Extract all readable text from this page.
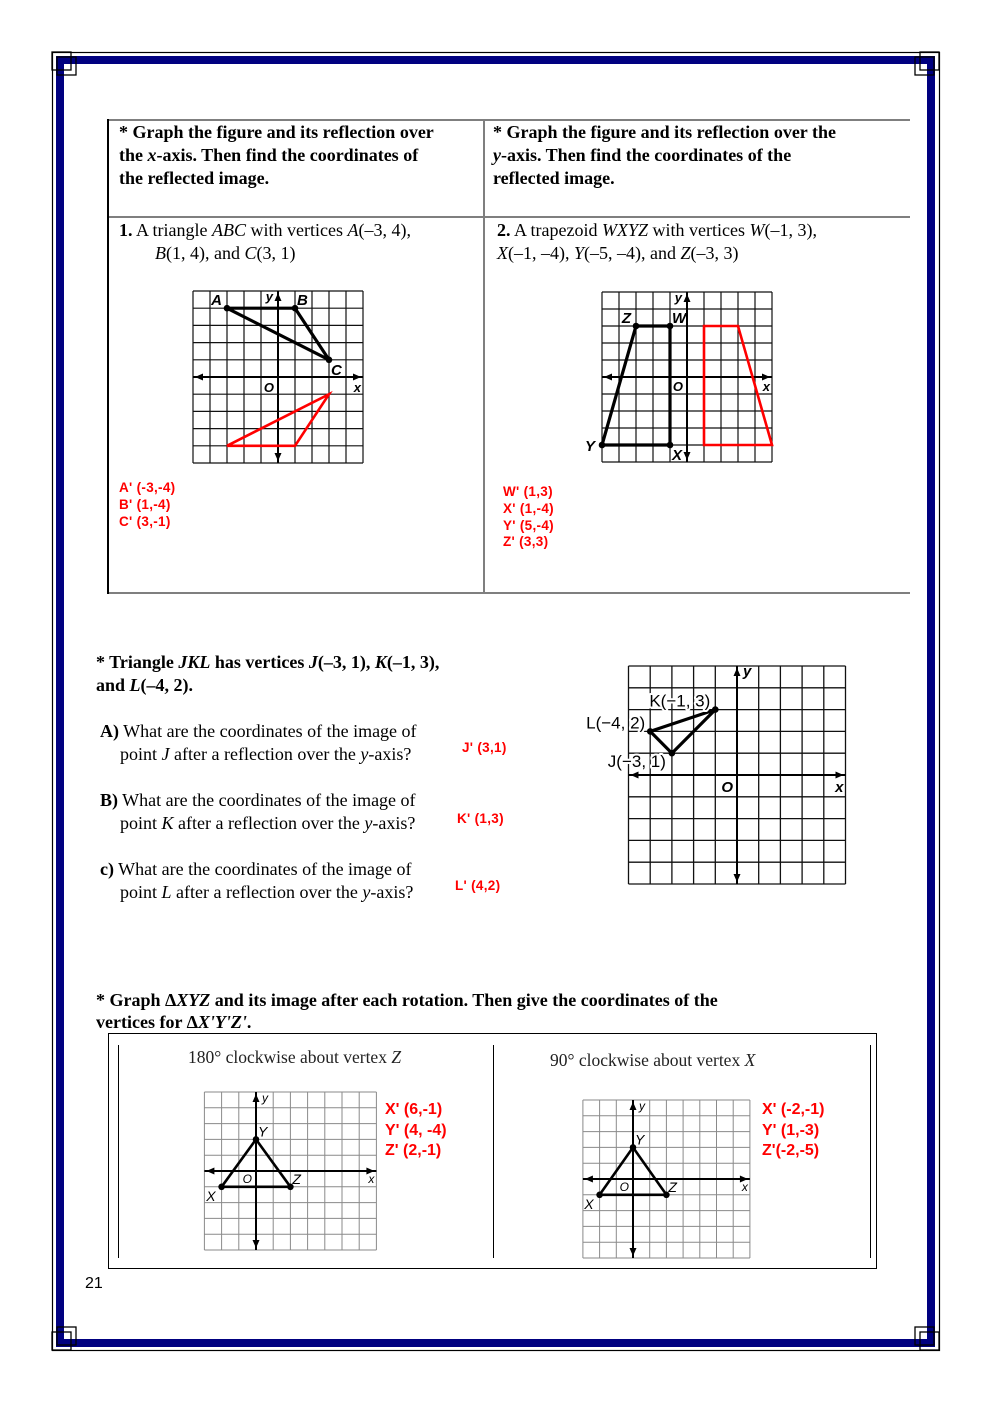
* Graph the figure and its reflection over
the x-axis. Then find the coordinates of
the reflected image.
* Graph the figure and its reflection over the
y-axis. Then find the coordinates of the
reflected image.
1. A triangle ABC with vertices A(–3, 4),
B(1, 4), and C(3, 1)
2. A trapezoid WXYZ with vertices W(–1, 3),
X(–1, –4), Y(–5, –4), and Z(–3, 3)
A	B
C
O	x
y
W
X
Y
Z
O	x
y
A' (-3,-4)
B' (1,-4)
C' (3,-1)
W' (1,3)
X' (1,-4)
Y' (5,-4)
Z' (3,3)
* Triangle JKL has vertices J(–3, 1), K(–1, 3),
and L(–4, 2).
A) What are the coordinates of the image of
point J after a reflection over the y-axis?	J' (3,1)
B) What are the coordinates of the image of
point K after a reflection over the y-axis?	K' (1,3)
c) What are the coordinates of the image of
point L after a reflection over the y-axis?	L' (4,2)
J(−3, 1)
K(−1, 3)
L(−4, 2)
O	x
y
* Graph ΔXYZ and its image after each rotation. Then give the coordinates of the
vertices for ΔX'Y'Z'.
180° clockwise about vertex Z	90° clockwise about vertex X
X
Y
Z
O	x
y
X
Y
Z
O	x
y
X' (6,-1)
Y' (4, -4)
Z' (2,-1)
X' (-2,-1)
Y' (1,-3)
Z'(-2,-5)
21
